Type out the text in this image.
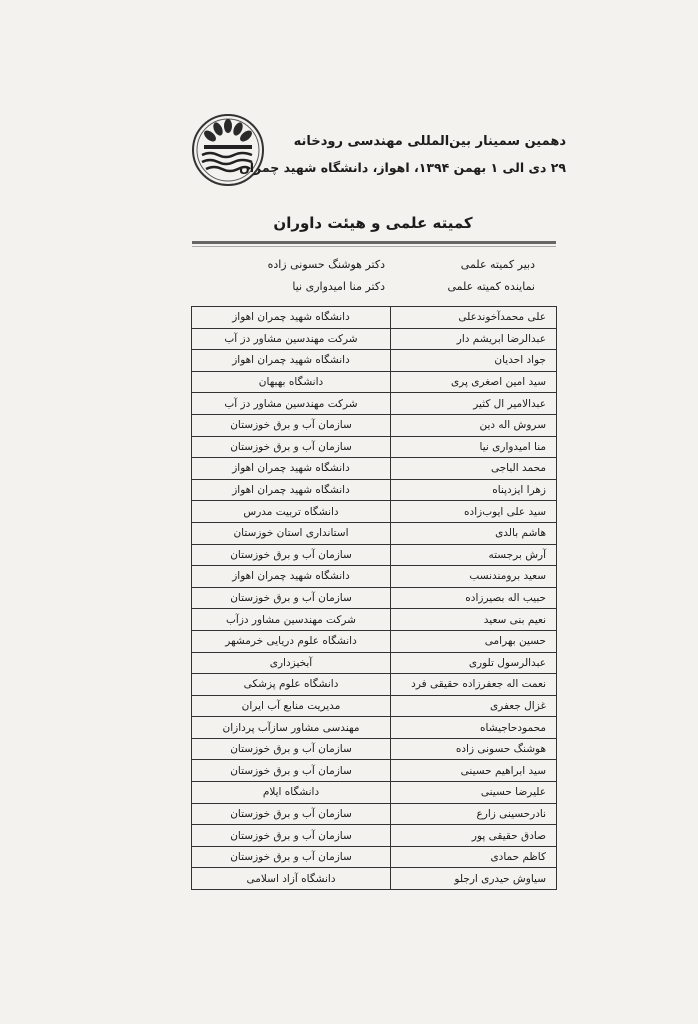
دهمین سمینار بین‌المللی مهندسی رودخانه
۲۹ دی الی ۱ بهمن ۱۳۹۴، اهواز، دانشگاه شهید چمران
کمیته علمی و هیئت داوران
دبیر کمیته علمی
دکتر هوشنگ حسونی زاده
نماینده کمیته علمی
دکتر منا امیدواری نیا
علی محمدآخوندعلی	دانشگاه شهید چمران اهواز
عبدالرضا ابریشم دار	شرکت مهندسین مشاور دز آب
جواد احدیان	دانشگاه شهید چمران اهواز
سید امین اصغری پری	دانشگاه بهبهان
عبدالامیر ال کثیر	شرکت مهندسین مشاور دز آب
سروش اله دین	سازمان آب و برق خوزستان
منا امیدواری نیا	سازمان آب و برق خوزستان
محمد الباجی	دانشگاه شهید چمران اهواز
زهرا ایزدپناه	دانشگاه شهید چمران اهواز
سید علی ایوب‌زاده	دانشگاه تربیت مدرس
هاشم بالدی	استانداری استان خوزستان
آرش برجسته	سازمان آب و برق خوزستان
سعید برومندنسب	دانشگاه شهید چمران اهواز
حبیب اله بصیرزاده	سازمان آب و برق خوزستان
نعیم بنی سعید	شرکت مهندسین مشاور دزآب
حسین بهرامی	دانشگاه علوم دریایی خرمشهر
عبدالرسول تلوری	آبخیزداری
نعمت اله جعفرزاده حقیقی فرد	دانشگاه علوم پزشکی
غزال جعفری	مدیریت منابع آب ایران
محمودحاجیشاه	مهندسی مشاور سازآب پردازان
هوشنگ حسونی زاده	سازمان آب و برق خوزستان
سید ابراهیم حسینی	سازمان آب و برق خوزستان
علیرضا حسینی	دانشگاه ایلام
نادرحسینی زارع	سازمان آب و برق خوزستان
صادق حقیقی پور	سازمان آب و برق خوزستان
کاظم حمادی	سازمان آب و برق خوزستان
سیاوش حیدری ارجلو	دانشگاه آزاد اسلامی
